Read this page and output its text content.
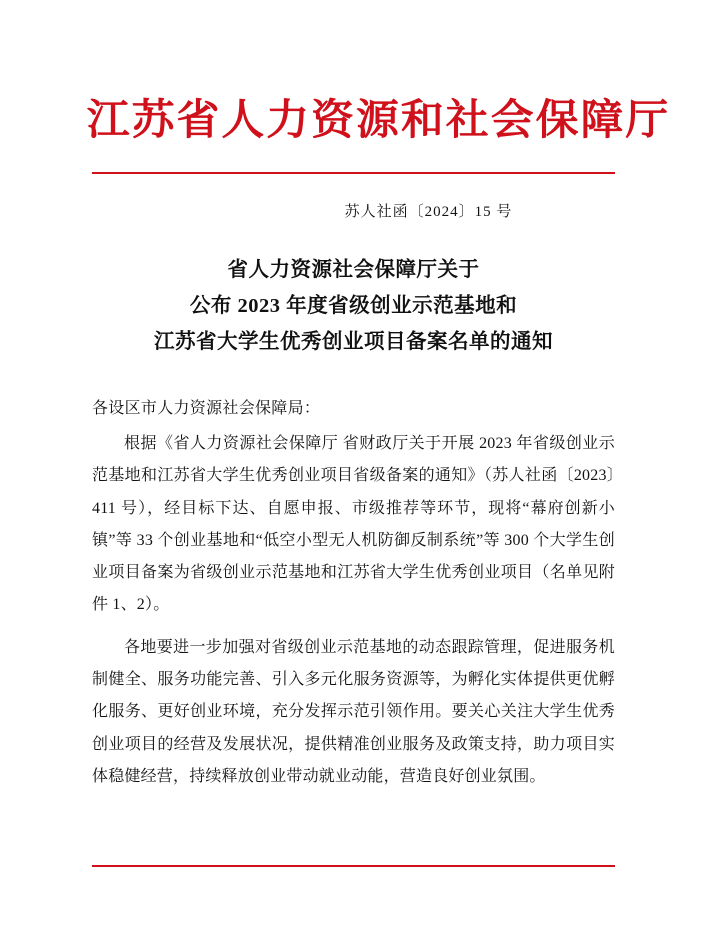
江苏省人力资源和社会保障厅
苏人社函〔2024〕15 号
省人力资源社会保障厅关于
公布 2023 年度省级创业示范基地和
江苏省大学生优秀创业项目备案名单的通知
各设区市人力资源社会保障局：
根据《省人力资源社会保障厅 省财政厅关于开展 2023 年省级创业示范基地和江苏省大学生优秀创业项目省级备案的通知》（苏人社函〔2023〕411 号），经目标下达、自愿申报、市级推荐等环节，现将“幕府创新小镇”等 33 个创业基地和“低空小型无人机防御反制系统”等 300 个大学生创业项目备案为省级创业示范基地和江苏省大学生优秀创业项目（名单见附件 1、2）。
各地要进一步加强对省级创业示范基地的动态跟踪管理，促进服务机制健全、服务功能完善、引入多元化服务资源等，为孵化实体提供更优孵化服务、更好创业环境，充分发挥示范引领作用。要关心关注大学生优秀创业项目的经营及发展状况，提供精准创业服务及政策支持，助力项目实体稳健经营，持续释放创业带动就业动能，营造良好创业氛围。
